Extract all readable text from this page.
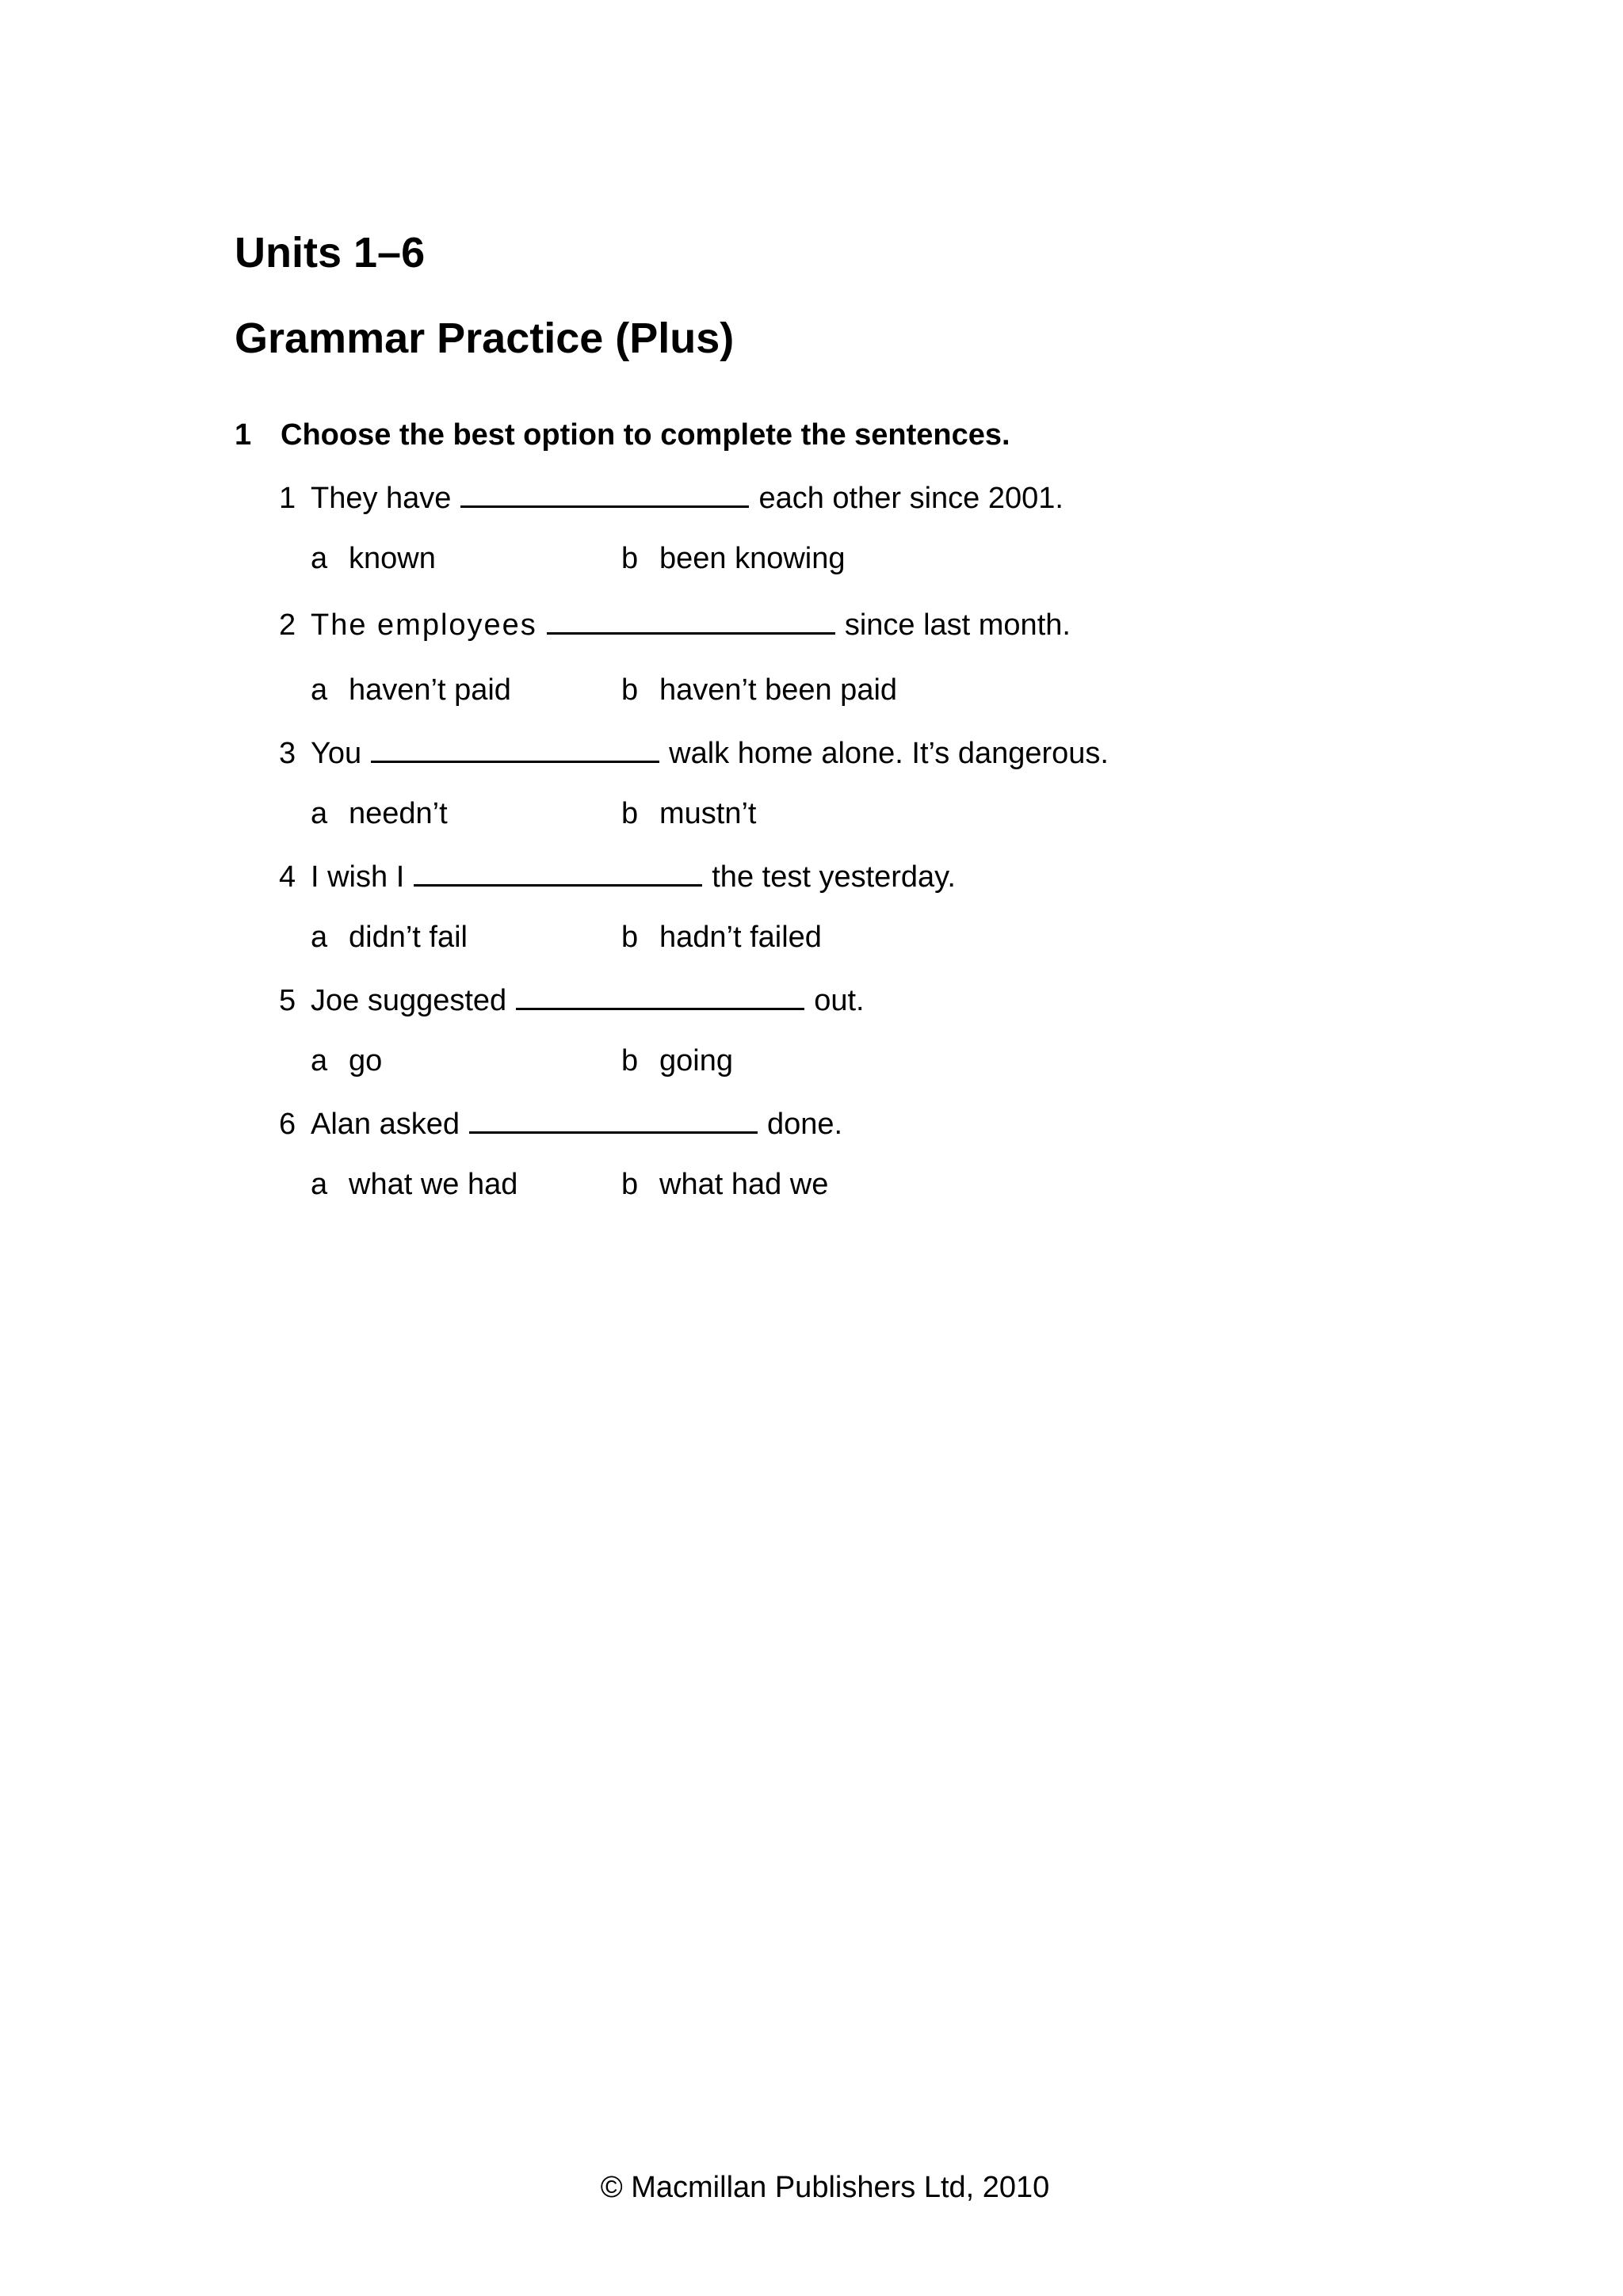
Units 1–6
Grammar Practice (Plus)
1 Choose the best option to complete the sentences.
1 They have	each other since 2001.
a known	b been knowing
2 The employees	since last month.
a haven’t paid	b haven’t been paid
3 You	walk home alone. It’s dangerous.
a needn’t	b mustn’t
4 I wish I	the test yesterday.
a didn’t fail	b hadn’t failed
5 Joe suggested	out.
a go	b going
6 Alan asked	done.
a what we had	b what had we
© Macmillan Publishers Ltd, 2010
